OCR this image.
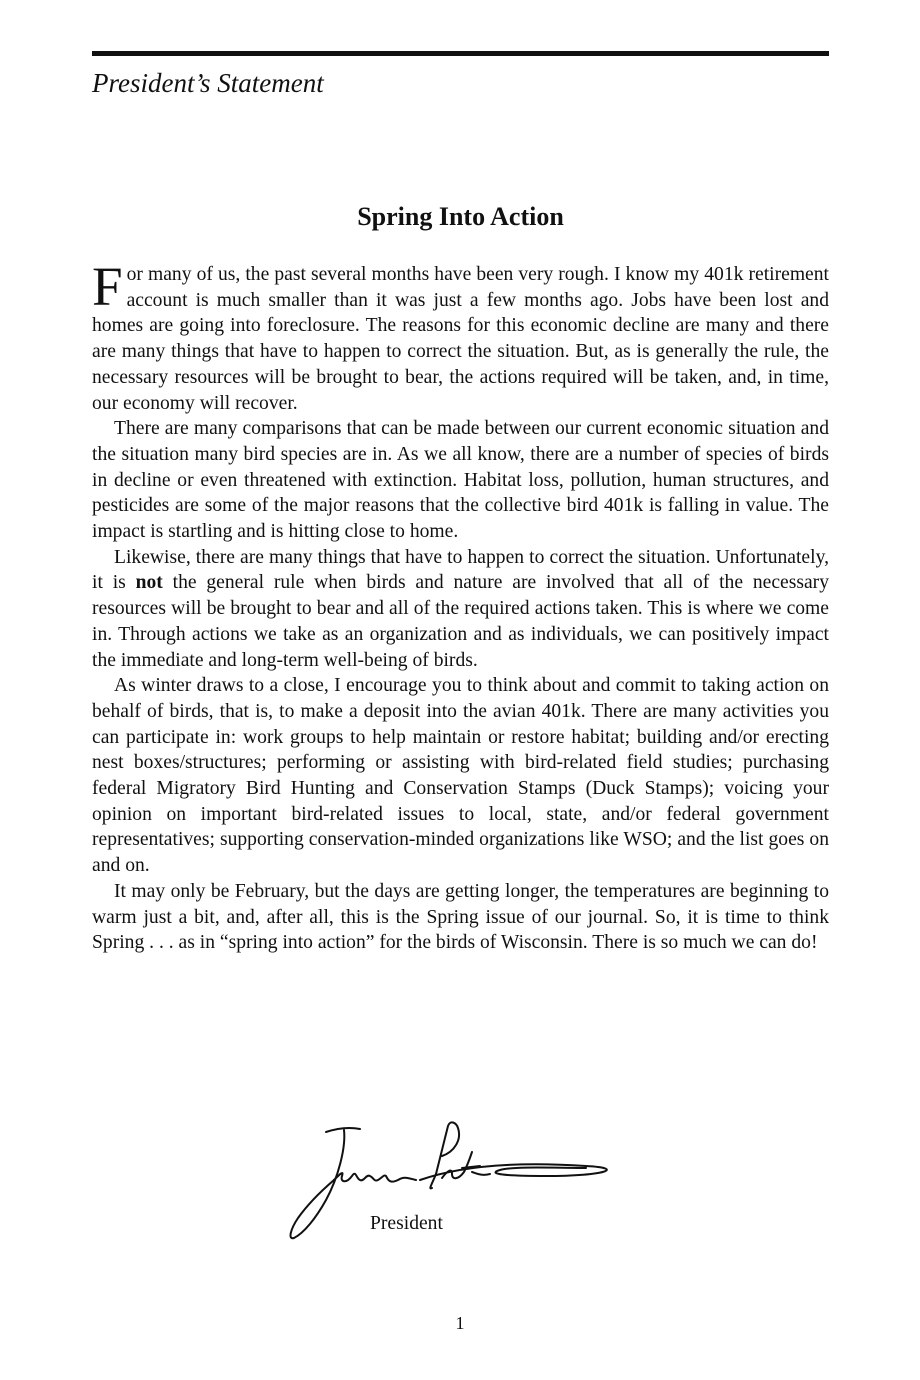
President’s Statement
Spring Into Action

For many of us, the past several months have been very rough. I know my 401k retirement account is much smaller than it was just a few months ago. Jobs have been lost and homes are going into foreclosure. The reasons for this economic decline are many and there are many things that have to happen to correct the situation. But, as is generally the rule, the necessary resources will be brought to bear, the actions required will be taken, and, in time, our economy will recover.

There are many comparisons that can be made between our current economic situation and the situation many bird species are in. As we all know, there are a number of species of birds in decline or even threatened with extinction. Habitat loss, pollution, human structures, and pesticides are some of the major reasons that the collective bird 401k is falling in value. The impact is startling and is hitting close to home.

Likewise, there are many things that have to happen to correct the situation. Unfortunately, it is not the general rule when birds and nature are involved that all of the necessary resources will be brought to bear and all of the required actions taken. This is where we come in. Through actions we take as an organization and as individuals, we can positively impact the immediate and long-term well-being of birds.

As winter draws to a close, I encourage you to think about and commit to taking action on behalf of birds, that is, to make a deposit into the avian 401k. There are many activities you can participate in: work groups to help maintain or restore habitat; building and/or erecting nest boxes/structures; performing or assisting with bird-related field studies; purchasing federal Migratory Bird Hunting and Conservation Stamps (Duck Stamps); voicing your opinion on important bird-related issues to local, state, and/or federal government representatives; supporting conservation-minded organizations like WSO; and the list goes on and on.

It may only be February, but the days are getting longer, the temperatures are beginning to warm just a bit, and, after all, this is the Spring issue of our journal. So, it is time to think Spring . . . as in “spring into action” for the birds of Wisconsin. There is so much we can do!

President
1
